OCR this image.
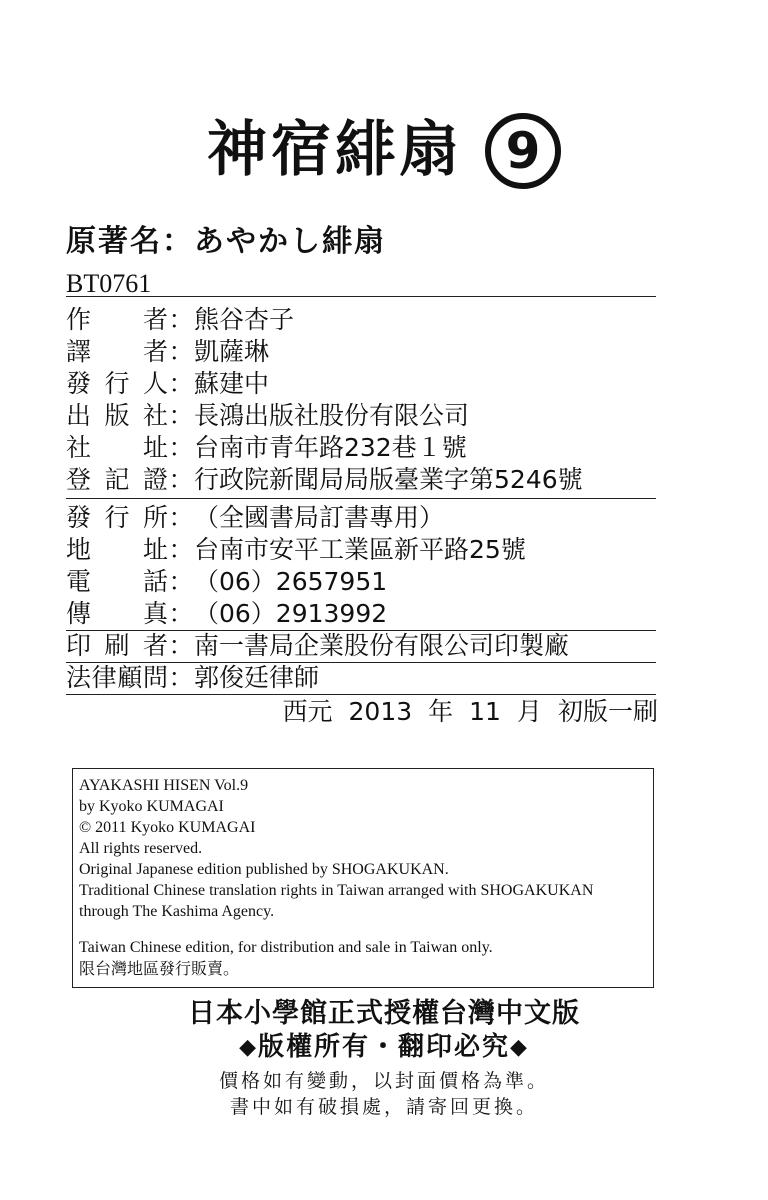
神宿緋扇 9
原著名：あやかし緋扇
BT0761
作者：熊谷杏子
譯者：凱薩琳
發行人：蘇建中
出版社：長鴻出版社股份有限公司
社址：台南市青年路232巷１號
登記證：行政院新聞局局版臺業字第5246號
發行所：（全國書局訂書專用）
地址：台南市安平工業區新平路25號
電話：（06）2657951
傳真：（06）2913992
印刷者：南一書局企業股份有限公司印製廠
法律顧問：郭俊廷律師
西元 2013 年 11 月 初版一刷
AYAKASHI HISEN Vol.9
by Kyoko KUMAGAI
© 2011 Kyoko KUMAGAI
All rights reserved.
Original Japanese edition published by SHOGAKUKAN.
Traditional Chinese translation rights in Taiwan arranged with SHOGAKUKAN
through The Kashima Agency.
Taiwan Chinese edition, for distribution and sale in Taiwan only.
限台灣地區發行販賣。
日本小學館正式授權台灣中文版
◆版權所有・翻印必究◆
價格如有變動，以封面價格為準。
書中如有破損處，請寄回更換。
